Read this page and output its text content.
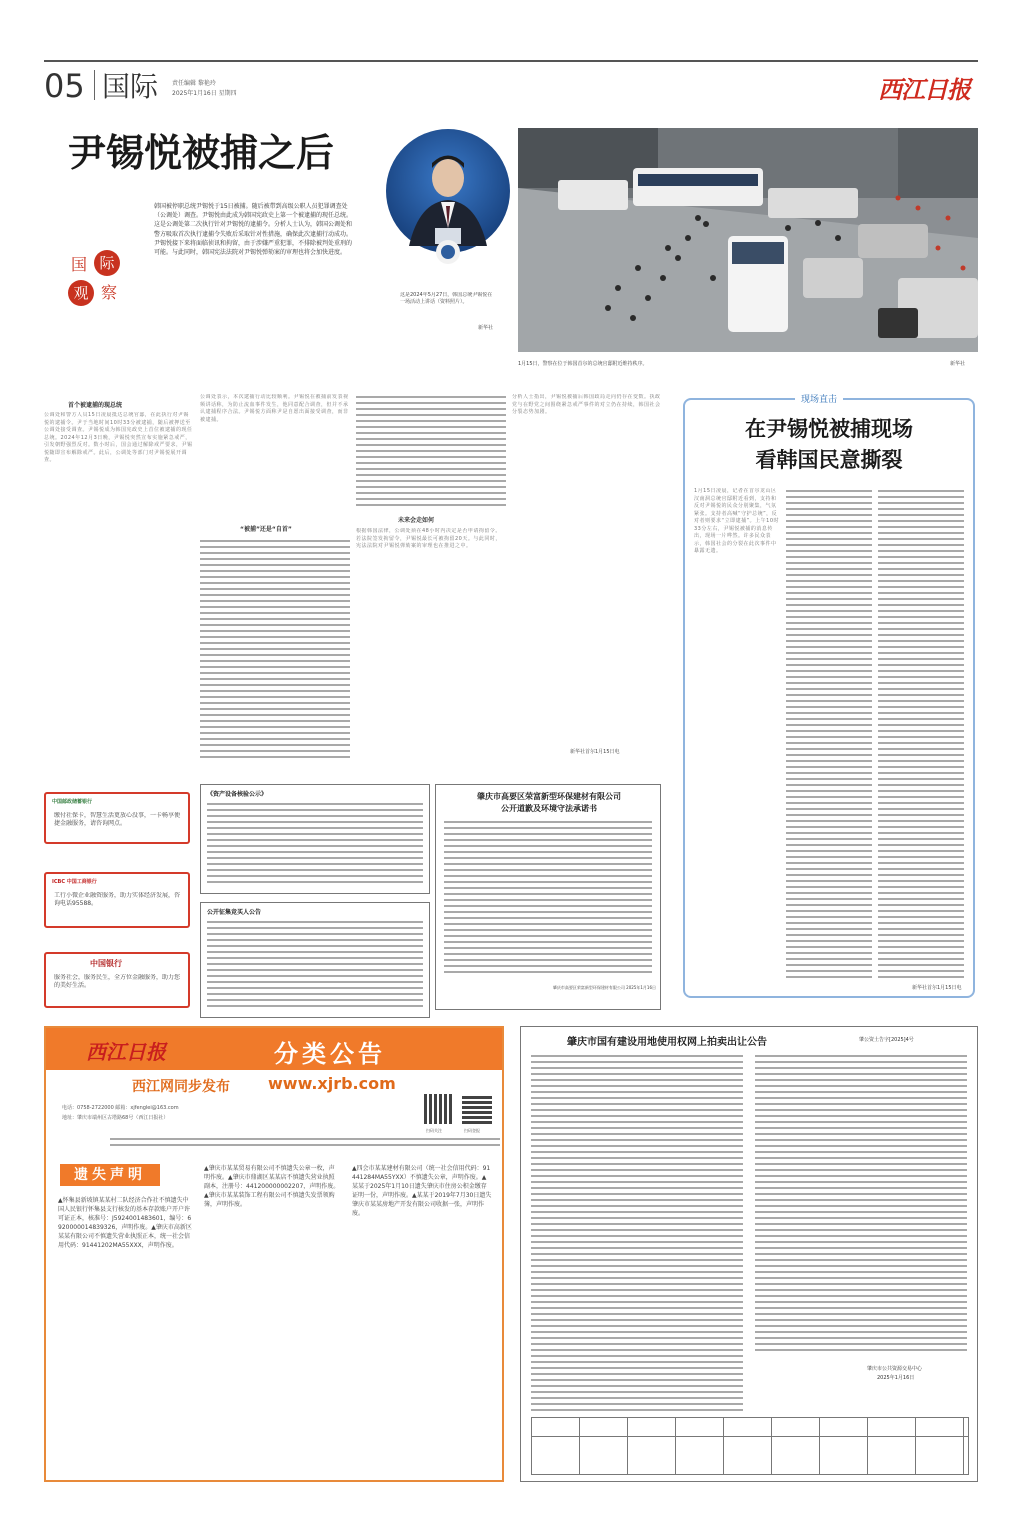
05 国际 责任编辑 黎艳玲
2025年1月16日 星期四	西江日报
尹锡悦被捕之后
国 际
观 察
韩国被停职总统尹锡悦于15日被捕。随后被带到高级公职人员犯罪调查处（公调处）调查。尹锡悦由此成为韩国宪政史上第一个被逮捕的现任总统。这是公调处第二次执行针对尹锡悦的逮捕令。分析人士认为，韩国公调处和警方吸取首次执行逮捕令失败后采取针对性措施，确保此次逮捕行动成功。尹锡悦接下来将面临侦讯和拘留，由于涉嫌严重犯罪，不排除被判处重刑的可能。与此同时，韩国宪法法院对尹锡悦弹劾案的审理也将会加快进度。
这是2024年5月27日，韩国总统尹锡悦在一场活动上讲话（资料照片）。
新华社
1月15日，警察在位于韩国首尔的总统官邸附近维持秩序。	新华社
首个被逮捕的现总统
公调处和警方人员15日凌晨抵达总统官邸，在此执行对尹锡悦的逮捕令。尹于当地时间10时33分被逮捕，随后被押送至公调处接受调查。尹锡悦成为韩国宪政史上首位被逮捕的现任总统。2024年12月3日晚，尹锡悦突然宣布实施紧急戒严，引发朝野强烈反对。数小时后，国会通过解除戒严要求，尹锡悦随即宣布解除戒严。此后，公调处等部门对尹锡悦展开调查。
公调处表示，本次逮捕行动比较顺利。尹锡悦在被捕前发表视频讲话称，为防止流血事件发生，他同意配合调查，但并不承认逮捕程序合法。尹锡悦方面称尹是自愿出面接受调查，而非被逮捕。
“被捕”还是“自首”
未来会走如何
根据韩国法律，公调处须在48小时内决定是否申请拘留令。若法院签发拘留令，尹锡悦最长可被拘留20天。与此同时，宪法法院对尹锡悦弹劾案的审理也在推进之中。
分析人士指出，尹锡悦被捕后韩国政局走向仍存在变数。执政党与在野党之间围绕紧急戒严事件的对立仍在持续，韩国社会分裂态势加剧。
新华社首尔1月15日电
现场直击
在尹锡悦被捕现场
看韩国民意撕裂
1月15日凌晨，记者在首尔龙山区汉南洞总统官邸附近看到，支持和反对尹锡悦的民众分别聚集，气氛紧张。支持者高喊“守护总统”，反对者则要求“立即逮捕”。上午10时33分左右，尹锡悦被捕的消息传出，现场一片哗然。许多民众表示，韩国社会的分裂在此次事件中暴露无遗。
新华社首尔1月15日电
中国邮政储蓄银行
缴付社保卡，智慧生活更放心没事，一卡畅享便捷金融服务，请咨询网点。
ICBC 中国工商银行
工行小微企业融资服务，助力实体经济发展，咨询电话95588。
中国银行
服务社会，服务民生，全方位金融服务，助力您的美好生活。
《资产设备核验公示》
公开征集竞买人公告
肇庆市高要区荣富新型环保建材有限公司
公开道歉及环境守法承诺书
肇庆市高要区荣富新型环保建材有限公司 2025年1月16日
西江日报	分类公告
西江网同步发布 www.xjrb.com
电话：0758-2722000 邮箱：xjfenglei@163.com
地址：肇庆市端州区古塔路68号（西江日报社）
扫码关注	扫码登报
遗失声明
▲怀集县新坡镇某某村二队经济合作社不慎遗失中国人民银行怀集县支行核发的基本存款账户开户许可证正本，核准号：J5924001483601，编号：6920000014839326，声明作废。▲肇庆市高新区某某有限公司不慎遗失营业执照正本，统一社会信用代码：91441202MA55XXX，声明作废。
▲肇庆市某某贸易有限公司不慎遗失公章一枚，声明作废。▲肇庆市鼎湖区某某店不慎遗失营业执照副本，注册号：441200000002207，声明作废。▲肇庆市某某装饰工程有限公司不慎遗失发票领购簿，声明作废。
▲四会市某某建材有限公司（统一社会信用代码：91441284MA55YXX）不慎遗失公章，声明作废。▲某某于2025年1月10日遗失肇庆市住房公积金缴存证明一份，声明作废。▲某某于2019年7月30日遗失肇庆市某某房地产开发有限公司收据一张，声明作废。
肇庆市国有建设用地使用权网上拍卖出让公告	肇公资土告字[2025]4号
肇庆市公共资源交易中心
2025年1月16日
